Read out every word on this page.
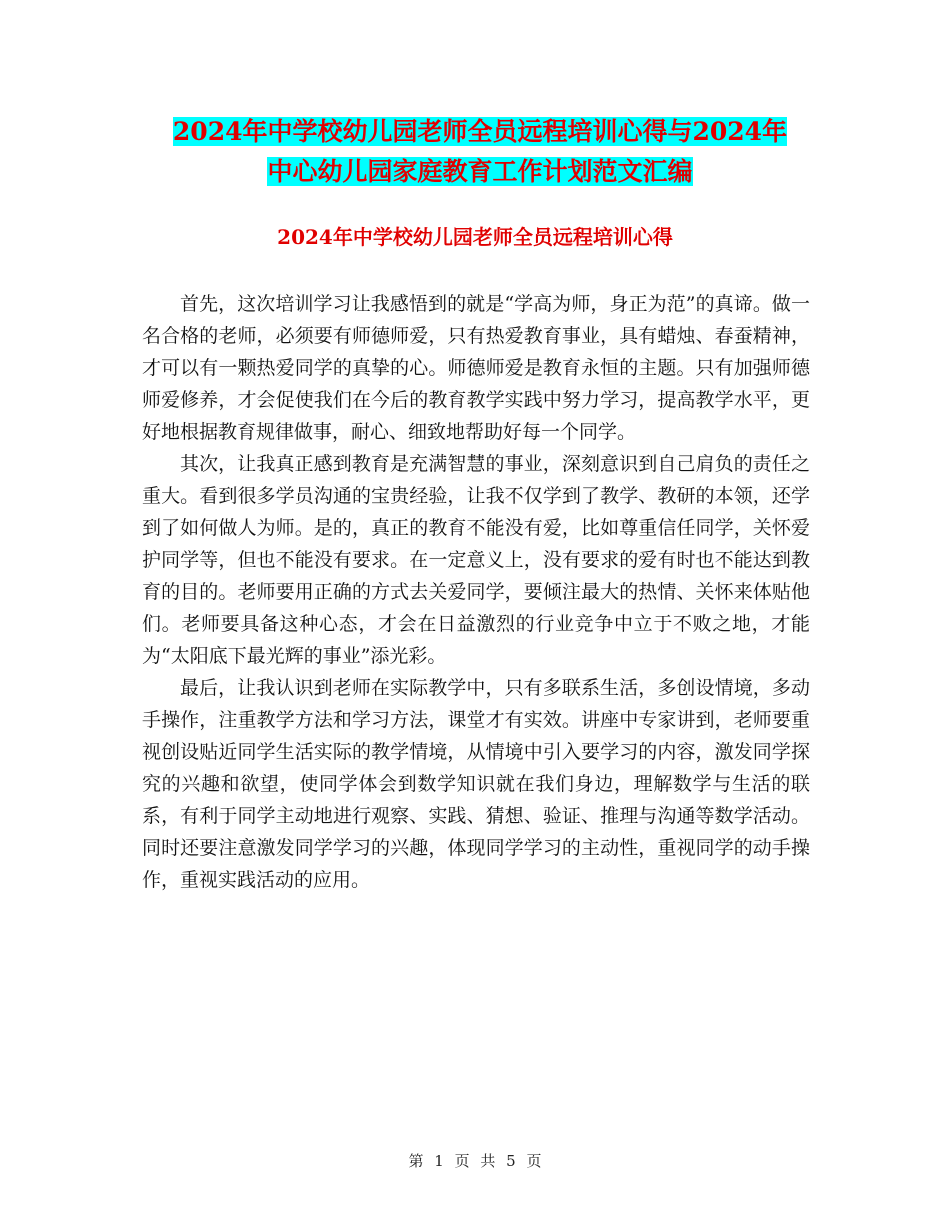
2024年中学校幼儿园老师全员远程培训心得与2024年
中心幼儿园家庭教育工作计划范文汇编
2024年中学校幼儿园老师全员远程培训心得

首先，这次培训学习让我感悟到的就是“学高为师，身正为范”的真谛。做一名合格的老师，必须要有师德师爱，只有热爱教育事业，具有蜡烛、春蚕精神，才可以有一颗热爱同学的真挚的心。师德师爱是教育永恒的主题。只有加强师德师爱修养，才会促使我们在今后的教育教学实践中努力学习，提高教学水平，更好地根据教育规律做事，耐心、细致地帮助好每一个同学。

其次，让我真正感到教育是充满智慧的事业，深刻意识到自己肩负的责任之重大。看到很多学员沟通的宝贵经验，让我不仅学到了教学、教研的本领，还学到了如何做人为师。是的，真正的教育不能没有爱，比如尊重信任同学，关怀爱护同学等，但也不能没有要求。在一定意义上，没有要求的爱有时也不能达到教育的目的。老师要用正确的方式去关爱同学，要倾注最大的热情、关怀来体贴他们。老师要具备这种心态，才会在日益激烈的行业竞争中立于不败之地，才能为“太阳底下最光辉的事业”添光彩。

最后，让我认识到老师在实际教学中，只有多联系生活，多创设情境，多动手操作，注重教学方法和学习方法，课堂才有实效。讲座中专家讲到，老师要重视创设贴近同学生活实际的教学情境，从情境中引入要学习的内容，激发同学探究的兴趣和欲望，使同学体会到数学知识就在我们身边，理解数学与生活的联系，有利于同学主动地进行观察、实践、猜想、验证、推理与沟通等数学活动。同时还要注意激发同学学习的兴趣，体现同学学习的主动性，重视同学的动手操作，重视实践活动的应用。

第 1 页 共 5 页
